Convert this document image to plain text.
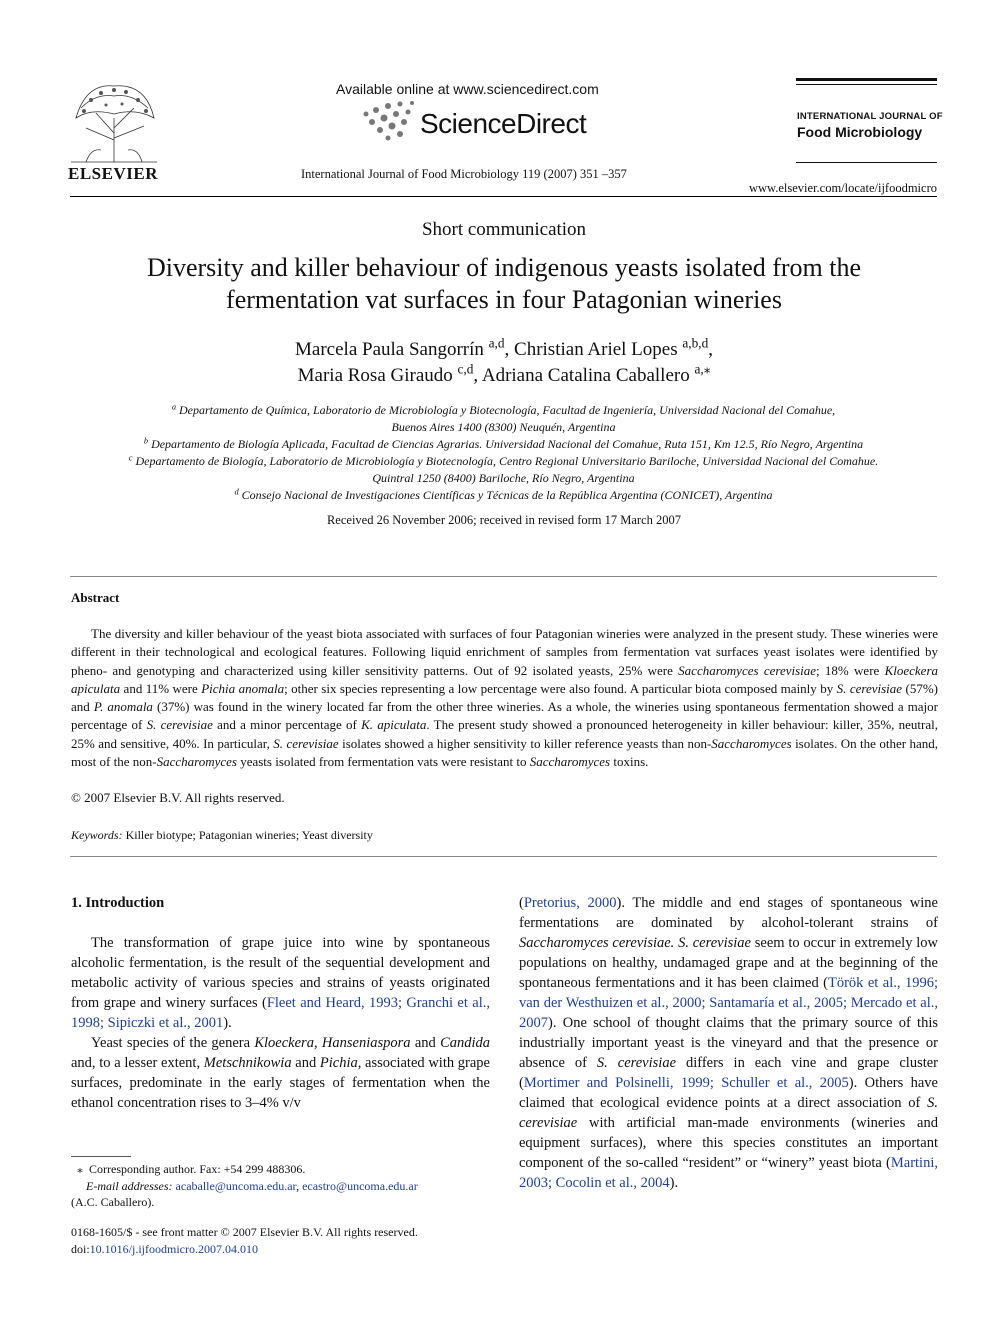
ELSEVIER
Available online at www.sciencedirect.com
ScienceDirect
International Journal of Food Microbiology 119 (2007) 351 –357
INTERNATIONAL JOURNAL OF
Food Microbiology
www.elsevier.com/locate/ijfoodmicro
Short communication
Diversity and killer behaviour of indigenous yeasts isolated from the
fermentation vat surfaces in four Patagonian wineries
Marcela Paula Sangorrín $^{a,d}$, Christian Ariel Lopes $^{a,b,d}$,
Maria Rosa Giraudo $^{c,d}$, Adriana Catalina Caballero $^{a,⁎}$
$^a$ Departamento de Química, Laboratorio de Microbiología y Biotecnología, Facultad de Ingeniería, Universidad Nacional del Comahue,
Buenos Aires 1400 (8300) Neuquén, Argentina
$^b$ Departamento de Biología Aplicada, Facultad de Ciencias Agrarias. Universidad Nacional del Comahue, Ruta 151, Km 12.5, Río Negro, Argentina
$^c$ Departamento de Biología, Laboratorio de Microbiología y Biotecnología, Centro Regional Universitario Bariloche, Universidad Nacional del Comahue.
Quintral 1250 (8400) Bariloche, Río Negro, Argentina
$^d$ Consejo Nacional de Investigaciones Científicas y Técnicas de la República Argentina (CONICET), Argentina
Received 26 November 2006; received in revised form 17 March 2007
Abstract

The diversity and killer behaviour of the yeast biota associated with surfaces of four Patagonian wineries were analyzed in the present study. These wineries were different in their technological and ecological features. Following liquid enrichment of samples from fermentation vat surfaces yeast isolates were identified by pheno- and genotyping and characterized using killer sensitivity patterns. Out of 92 isolated yeasts, 25% were Saccharomyces cerevisiae; 18% were Kloeckera apiculata and 11% were Pichia anomala; other six species representing a low percentage were also found. A particular biota composed mainly by S. cerevisiae (57%) and P. anomala (37%) was found in the winery located far from the other three wineries. As a whole, the wineries using spontaneous fermentation showed a major percentage of S. cerevisiae and a minor percentage of K. apiculata. The present study showed a pronounced heterogeneity in killer behaviour: killer, 35%, neutral, 25% and sensitive, 40%. In particular, S. cerevisiae isolates showed a higher sensitivity to killer reference yeasts than non-Saccharomyces isolates. On the other hand, most of the non-Saccharomyces yeasts isolated from fermentation vats were resistant to Saccharomyces toxins.

© 2007 Elsevier B.V. All rights reserved.
Keywords: Killer biotype; Patagonian wineries; Yeast diversity

1. Introduction

The transformation of grape juice into wine by spontaneous alcoholic fermentation, is the result of the sequential development and metabolic activity of various species and strains of yeasts originated from grape and winery surfaces (Fleet and Heard, 1993; Granchi et al., 1998; Sipiczki et al., 2001).

Yeast species of the genera Kloeckera, Hanseniaspora and Candida and, to a lesser extent, Metschnikowia and Pichia, associated with grape surfaces, predominate in the early stages of fermentation when the ethanol concentration rises to 3–4% v/v

(Pretorius, 2000). The middle and end stages of spontaneous wine fermentations are dominated by alcohol-tolerant strains of Saccharomyces cerevisiae. S. cerevisiae seem to occur in extremely low populations on healthy, undamaged grape and at the beginning of the spontaneous fermentations and it has been claimed (Török et al., 1996; van der Westhuizen et al., 2000; Santamaría et al., 2005; Mercado et al., 2007). One school of thought claims that the primary source of this industrially important yeast is the vineyard and that the presence or absence of S. cerevisiae differs in each vine and grape cluster (Mortimer and Polsinelli, 1999; Schuller et al., 2005). Others have claimed that ecological evidence points at a direct association of S. cerevisiae with artificial man-made environments (wineries and equipment surfaces), where this species constitutes an important component of the so-called “resident” or “winery” yeast biota (Martini, 2003; Cocolin et al., 2004).

⁎  Corresponding author. Fax: +54 299 488306.
E-mail addresses: acaballe@uncoma.edu.ar, ecastro@uncoma.edu.ar
(A.C. Caballero).
0168-1605/$ - see front matter © 2007 Elsevier B.V. All rights reserved.
doi:10.1016/j.ijfoodmicro.2007.04.010
